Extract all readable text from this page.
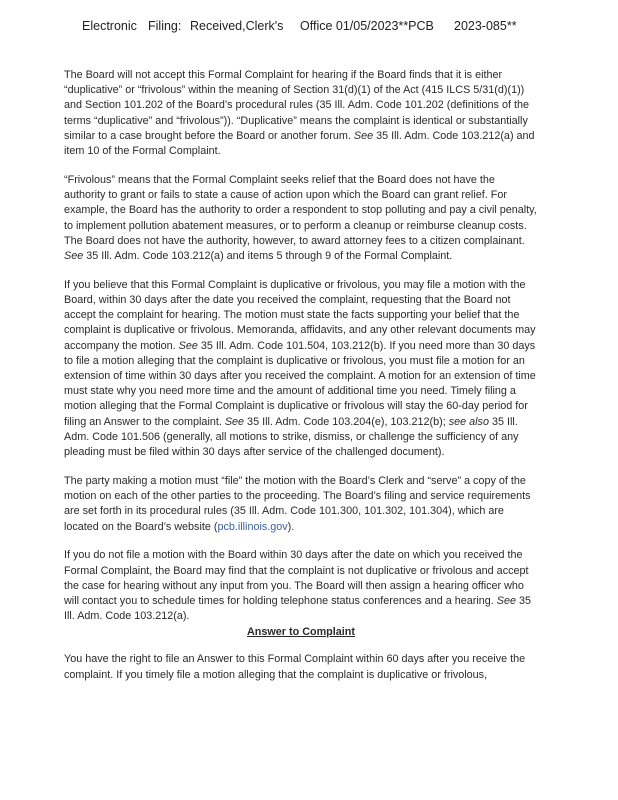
Electronic Filing: Received,Clerk's Office 01/05/2023**PCB 2023-085**

The Board will not accept this Formal Complaint for hearing if the Board finds that it is either “duplicative” or “frivolous” within the meaning of Section 31(d)(1) of the Act (415 ILCS 5/31(d)(1)) and Section 101.202 of the Board’s procedural rules (35 Ill. Adm. Code 101.202 (definitions of the terms “duplicative” and “frivolous”)). “Duplicative” means the complaint is identical or substantially similar to a case brought before the Board or another forum. See 35 Ill. Adm. Code 103.212(a) and item 10 of the Formal Complaint.

“Frivolous” means that the Formal Complaint seeks relief that the Board does not have the authority to grant or fails to state a cause of action upon which the Board can grant relief. For example, the Board has the authority to order a respondent to stop polluting and pay a civil penalty, to implement pollution abatement measures, or to perform a cleanup or reimburse cleanup costs. The Board does not have the authority, however, to award attorney fees to a citizen complainant. See 35 Ill. Adm. Code 103.212(a) and items 5 through 9 of the Formal Complaint.

If you believe that this Formal Complaint is duplicative or frivolous, you may file a motion with the Board, within 30 days after the date you received the complaint, requesting that the Board not accept the complaint for hearing. The motion must state the facts supporting your belief that the complaint is duplicative or frivolous. Memoranda, affidavits, and any other relevant documents may accompany the motion. See 35 Ill. Adm. Code 101.504, 103.212(b). If you need more than 30 days to file a motion alleging that the complaint is duplicative or frivolous, you must file a motion for an extension of time within 30 days after you received the complaint. A motion for an extension of time must state why you need more time and the amount of additional time you need. Timely filing a motion alleging that the Formal Complaint is duplicative or frivolous will stay the 60-day period for filing an Answer to the complaint. See 35 Ill. Adm. Code 103.204(e), 103.212(b); see also 35 Ill. Adm. Code 101.506 (generally, all motions to strike, dismiss, or challenge the sufficiency of any pleading must be filed within 30 days after service of the challenged document).

The party making a motion must “file” the motion with the Board’s Clerk and “serve” a copy of the motion on each of the other parties to the proceeding. The Board’s filing and service requirements are set forth in its procedural rules (35 Ill. Adm. Code 101.300, 101.302, 101.304), which are located on the Board’s website (pcb.illinois.gov).

If you do not file a motion with the Board within 30 days after the date on which you received the Formal Complaint, the Board may find that the complaint is not duplicative or frivolous and accept the case for hearing without any input from you. The Board will then assign a hearing officer who will contact you to schedule times for holding telephone status conferences and a hearing. See 35 Ill. Adm. Code 103.212(a).

Answer to Complaint

You have the right to file an Answer to this Formal Complaint within 60 days after you receive the complaint. If you timely file a motion alleging that the complaint is duplicative or frivolous,
